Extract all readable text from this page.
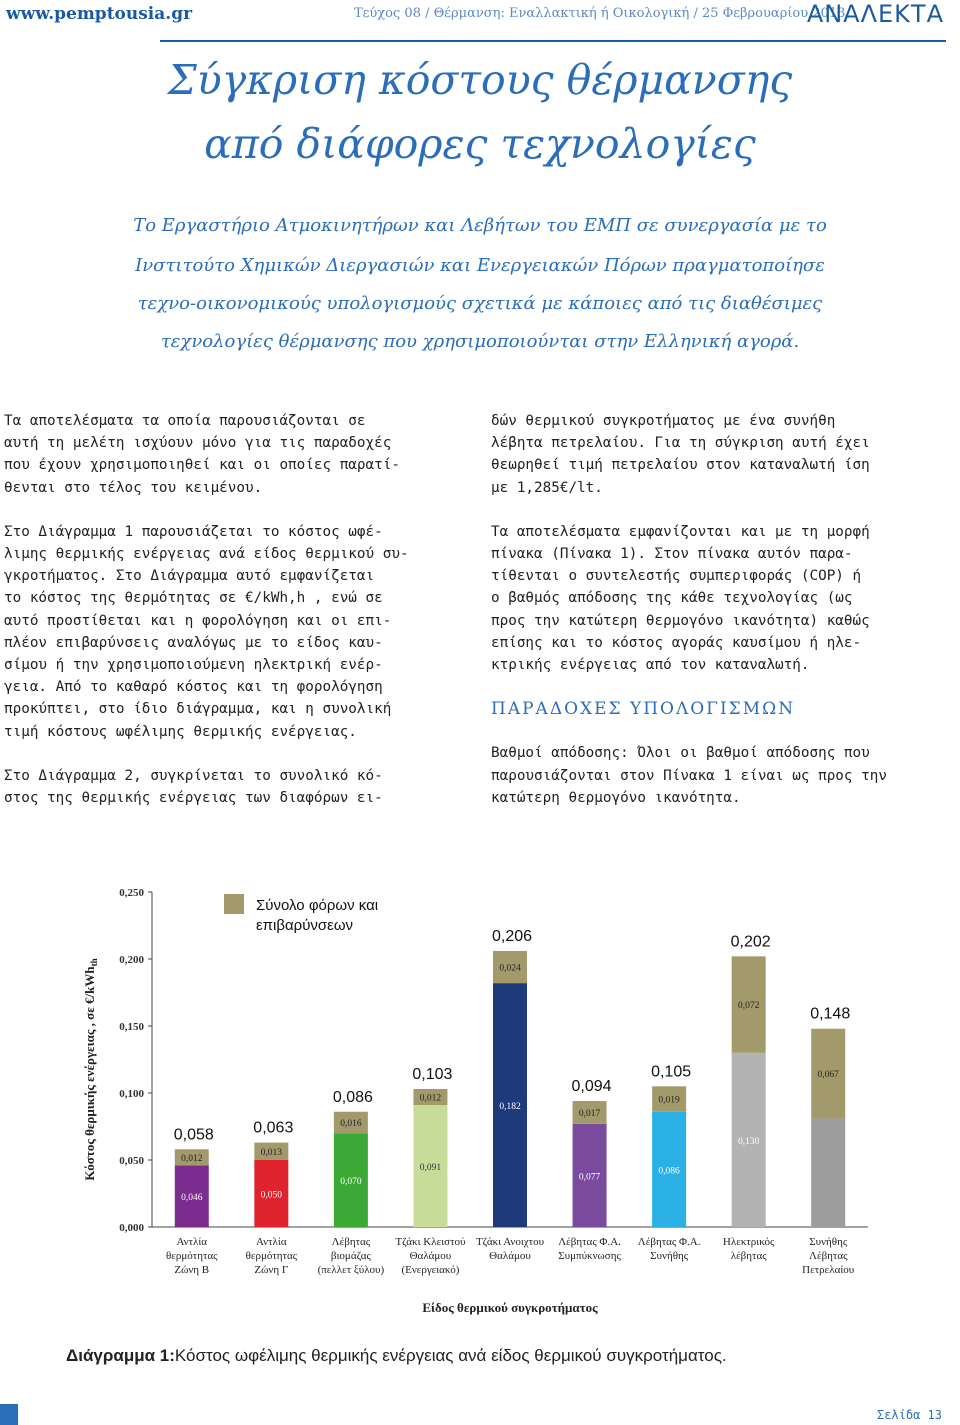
www.pemptousia.gr	Τεύχος 08 / Θέρμανση: Εναλλακτική ή Οικολογική / 25 Φεβρουαρίου 2013
ΑΝΑΛΕΚΤΑ
Σύγκριση κόστους θέρμανσης
από διάφορες τεχνολογίες
Το Εργαστήριο Ατμοκινητήρων και Λεβήτων του ΕΜΠ σε συνεργασία με το
Ινστιτούτο Χημικών Διεργασιών και Ενεργειακών Πόρων πραγματοποίησε
τεχνο-οικονομικούς υπολογισμούς σχετικά με κάποιες από τις διαθέσιμες
τεχνολογίες θέρμανσης που χρησιμοποιούνται στην Ελληνική αγορά.

Τα αποτελέσματα τα οποία παρουσιάζονται σε
αυτή τη μελέτη ισχύουν μόνο για τις παραδοχές
που έχουν χρησιμοποιηθεί και οι οποίες παρατί-
θενται στο τέλος του κειμένου.

Στο Διάγραμμα 1 παρουσιάζεται το κόστος ωφέ-
λιμης θερμικής ενέργειας ανά είδος θερμικού συ-
γκροτήματος. Στο Διάγραμμα αυτό εμφανίζεται
το κόστος της θερμότητας σε €/kWh,h , ενώ σε
αυτό προστίθεται και η φορολόγηση και οι επι-
πλέον επιβαρύνσεις αναλόγως με το είδος καυ-
σίμου ή την χρησιμοποιούμενη ηλεκτρική ενέρ-
γεια. Από το καθαρό κόστος και τη φορολόγηση
προκύπτει, στο ίδιο διάγραμμα, και η συνολική
τιμή κόστους ωφέλιμης θερμικής ενέργειας.

Στο Διάγραμμα 2, συγκρίνεται το συνολικό κό-
στος της θερμικής ενέργειας των διαφόρων ει-

δών θερμικού συγκροτήματος με ένα συνήθη
λέβητα πετρελαίου. Για τη σύγκριση αυτή έχει
θεωρηθεί τιμή πετρελαίου στον καταναλωτή ίση
με 1,285€/lt.

Τα αποτελέσματα εμφανίζονται και με τη μορφή
πίνακα (Πίνακα 1). Στον πίνακα αυτόν παρα-
τίθενται ο συντελεστής συμπεριφοράς (COP) ή
ο βαθμός απόδοσης της κάθε τεχνολογίας (ως
προς την κατώτερη θερμογόνο ικανότητα) καθώς
επίσης και το κόστος αγοράς καυσίμου ή ηλε-
κτρικής ενέργειας από τον καταναλωτή.

ΠΑΡΑΔΟΧΕΣ ΥΠΟΛΟΓΙΣΜΩΝ

Βαθμοί απόδοσης: Όλοι οι βαθμοί απόδοσης που
παρουσιάζονται στον Πίνακα 1 είναι ως προς την
κατώτερη θερμογόνο ικανότητα.

0,000
0,050
0,100
0,150
0,200
0,250
Κόστος θερμικής ενέργειας , σε €/kWh$_{th}$
Σύνολο φόρων και
επιβαρύνσεων
0,046
0,012
0,058
Αντλία
θερμότητας
Ζώνη Β
0,050
0,013
0,063
Αντλία
θερμότητας
Ζώνη Γ
0,070
0,016
0,086
Λέβητας
βιομάζας
(πελλετ ξύλου)
0,091
0,012
0,103
Τζάκι Κλειστού
Θαλάμου
(Ενεργειακό)
0,182
0,024
0,206
Τζάκι Ανοιχτου
Θαλάμου
0,077
0,017
0,094
Λέβητας Φ.Α.
Συμπύκνωσης
0,086
0,019
0,105
Λέβητας Φ.Α.
Συνήθης
0,130
0,072
0,202
Ηλεκτρικός
λέβητας
0,067
0,148
Συνήθης
Λέβητας
Πετρελαίου
Είδος θερμικού συγκροτήματος
Διάγραμμα 1:Κόστος ωφέλιμης θερμικής ενέργειας ανά είδος θερμικού συγκροτήματος.
Σελίδα 13
